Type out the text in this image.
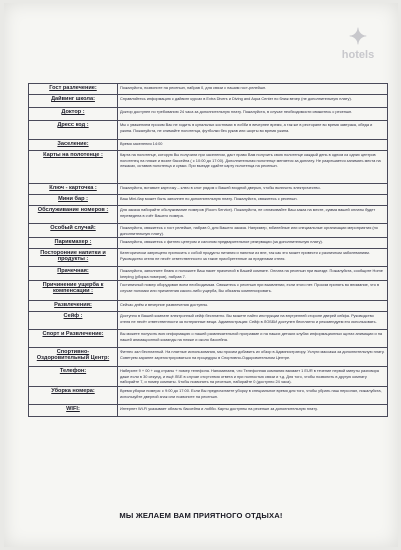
✦
hotels
Гост разлечение:	Пожалуйста, позвоните на ресепшн, набрав 0, для связи с нашим гост-релейшн.
Дайвинг школа:	Справляйтесь информацию с дайвинг курсах в Extra Divers и Diving and Aqua Center по ближ вечер (не дополнительную плату).
Доктор :	Доктор доступен по требованию 24 часа за дополнительную плату. Пожалуйста, в случае необходимости свяжитесь с ресепшн.
Дресс код :	Мы с уважением просим Вас не ходить в купальных костюмах в лобби в вечернее время, а так же в ресторане во время завтрака, обеда и ужина. Пожалуйста, не снимайте полотенца, футболки без рукав или шорты во время ужина.
Заселение:	Время заселения 14:00
Карты на полотенце :	Карта на полотенце, которую Вы получили при заселении, даст право Вам получить свою полотенце каждый день в одном из одних центров полотенец на пляже и возле бассейна ( с 10:00 до 17:00). Дополнительная полотенце меняется за доплату. Не разрешается занимать места на лежаках, оставив полотенца и сумки. При выезде сдайте карту полотенца на ресепшн.
Ключ - карточка :	Пожалуйста, вставьте карточку – ключ в слот рядом с Вашей входной дверью, чтобы включить электричество.
Мини бар :	Ваш Mini-бар может быть заполнен по дополнительную плату. Пожалуйста, свяжитесь с ресепшн.
Обслуживание номеров :	Для заказа набирайте обслуживание номеров (Room Service). Пожалуйста, не оплачивайте Ваш заказ на месте, сумма вашей оплаты будет переведена в счёт Вашего номера.
Особый случай:	Пожалуйста, свяжитесь с гост релейшн, набрав 0, для Вашего заказа. Например, юбилейные или специальные организации мероприятия (по дополнительную плату).
Парикмахер :	Пожалуйста, свяжитесь с фитнес центром и салоном предварительное резервации (за дополнительную плату).
Посторонние напитки и продукты :	Категорически запрещено приносить с собой продукты питания и напитки из вне, так как это может привести к различным заболеваниям. Руководство отеля не несёт ответственности за такие приобретенные за пределами отеля.
Прачечная:	Пожалуйста, заполните бланк и положите Ваш пакет прачечной в Вашей комнате. Оплата на ресепшн при выезде. Пожалуйста, сообщите Home keeping (уборка номеров), набрав 7.
Причинение ущерба к компенсации :	Гостиничный номер оборудован всем необходимым. Свяжитесь с ресепшн при выявлении, если этого нет. Просим принять во внимание, что в случае поломки или причинения какого-либо ущерба, Вы обязаны компенсировать.
Развлечения:	Сейчас днём и вечерние развлечения доступны.
Сейф :	Доступно в Вашей комнате электронный сейф бесплатно. Вы можете найти инструкции на внутренней стороне дверей сейфа. Руководство отеля не несёт ответственности за потерянные вещи. Администрация: Сейф в ЛОББИ доступен бесплатно и рекомендуем его использовать.
Спорт и Развлечение:	Вы можете получить всю информацию о нашей развлекательной программе и на наших детских клубах информационных щитах анимации и на нашей анимационной команды на пляже и около бассейна.
Спортивно-Оздоровительный Центр:	Фитнес зал бесплатный. На платные использования, мы просим добавить их обзор в Администратору. Услуги массажа за дополнительную плату. Советуем заранее зарегистрироваться на процедуры в Спортивно-Оздоровительном Центре.
Телефон:	Наберите 9 + 00 + код страны + номер телефона. Напоминаем, что Телефонная компания взимает 1 EUR в течение первой минуты разговора даже если в 30 секунд, и ещё ЛБЕ в случае отсутствия ответа и при полностью связи и т.д. Для того, чтобы позвонить в другую комнату набирайте 7, и номер комнаты. Чтобы позвонить на ресепшн, набирайте 0 (доступно 24 часа).
Уборка номера:	Время уборки номера: с 9:00 до 17:00. Если Вы предпочитаете уборку в специальное время для того, чтобы убрать наш персонал, пожалуйста, используйте дверной знак или позвоните на ресепшн.
WIFI:	Интернет Wi-Fi указывает область бассейна и лобби. Карты доступны на ресепшн за дополнительную плату.
МЫ ЖЕЛАЕМ ВАМ ПРИЯТНОГО ОТДЫХА!
